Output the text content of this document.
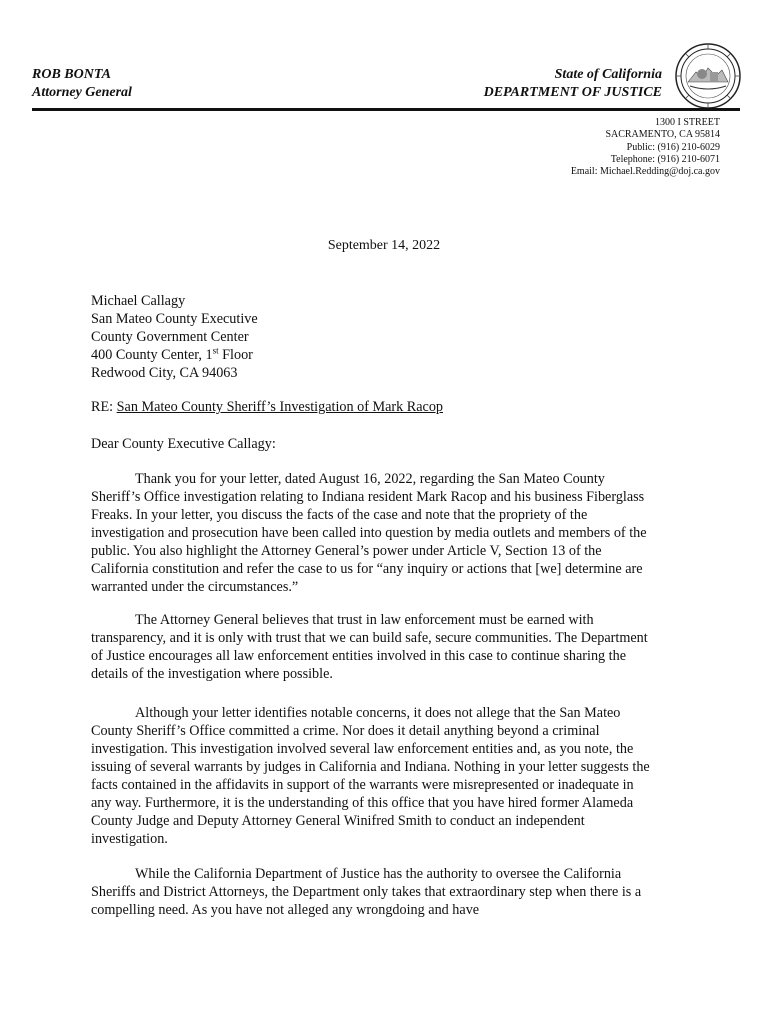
ROB BONTA
Attorney General
State of California
DEPARTMENT OF JUSTICE
1300 I STREET
SACRAMENTO, CA 95814
Public: (916) 210-6029
Telephone: (916) 210-6071
Email: Michael.Redding@doj.ca.gov
September 14, 2022
Michael Callagy
San Mateo County Executive
County Government Center
400 County Center, 1st Floor
Redwood City, CA 94063
RE: San Mateo County Sheriff’s Investigation of Mark Racop
Dear County Executive Callagy:

Thank you for your letter, dated August 16, 2022, regarding the San Mateo County Sheriff’s Office investigation relating to Indiana resident Mark Racop and his business Fiberglass Freaks. In your letter, you discuss the facts of the case and note that the propriety of the investigation and prosecution have been called into question by media outlets and members of the public. You also highlight the Attorney General’s power under Article V, Section 13 of the California constitution and refer the case to us for “any inquiry or actions that [we] determine are warranted under the circumstances.”

The Attorney General believes that trust in law enforcement must be earned with transparency, and it is only with trust that we can build safe, secure communities. The Department of Justice encourages all law enforcement entities involved in this case to continue sharing the details of the investigation where possible.

Although your letter identifies notable concerns, it does not allege that the San Mateo County Sheriff’s Office committed a crime. Nor does it detail anything beyond a criminal investigation. This investigation involved several law enforcement entities and, as you note, the issuing of several warrants by judges in California and Indiana. Nothing in your letter suggests the facts contained in the affidavits in support of the warrants were misrepresented or inadequate in any way. Furthermore, it is the understanding of this office that you have hired former Alameda County Judge and Deputy Attorney General Winifred Smith to conduct an independent investigation.

While the California Department of Justice has the authority to oversee the California Sheriffs and District Attorneys, the Department only takes that extraordinary step when there is a compelling need. As you have not alleged any wrongdoing and have
